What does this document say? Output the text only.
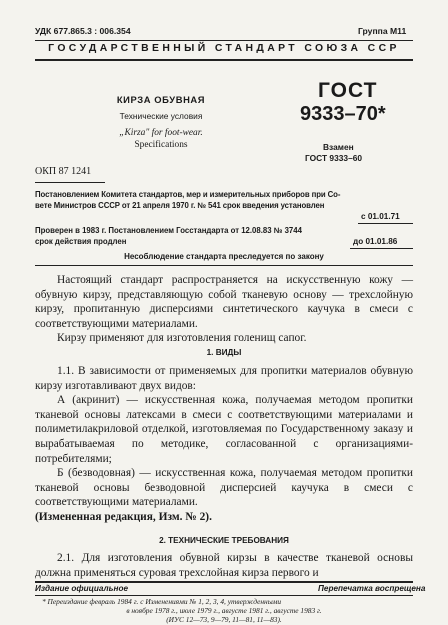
УДК 677.865.3 : 006.354	Группа М11
ГОСУДАРСТВЕННЫЙ СТАНДАРТ СОЮЗА ССР
КИРЗА ОБУВНАЯ
Технические условия
„Kirza" for foot-wear.
Specifications
ГОСТ
9333–70*
Взамен
ГОСТ 9333–60
ОКП 87 1241
Постановлением Комитета стандартов, мер и измерительных приборов при Со-
вете Министров СССР от 21 апреля 1970 г. № 541 срок введения установлен
с 01.01.71
Проверен в 1983 г. Постановлением Госстандарта от 12.08.83 № 3744
срок действия продлен	до 01.01.86
Несоблюдение стандарта преследуется по закону

Настоящий стандарт распространяется на искусственную кожу — обувную кирзу, представляющую собой тканевую основу — трехслойную кирзу, пропитанную дисперсиями синтетического каучука в смеси с соответствующими материалами.

Кирзу применяют для изготовления голенищ сапог.

1. ВИДЫ

1.1. В зависимости от применяемых для пропитки материалов обувную кирзу изготавливают двух видов:

А (акринит) — искусственная кожа, получаемая методом пропитки тканевой основы латексами в смеси с соответствующими материалами и полиметилакриловой отделкой, изготовляемая по Государственному заказу и вырабатываемая по методике, согласованной с организациями-потребителями;

Б (безводовная) — искусственная кожа, получаемая методом пропитки тканевой основы безводовной дисперсией каучука в смеси с соответствующими материалами.

(Измененная редакция, Изм. № 2).

2. ТЕХНИЧЕСКИЕ ТРЕБОВАНИЯ

2.1. Для изготовления обувной кирзы в качестве тканевой основы должна применяться суровая трехслойная кирза первого и

Издание официальное	Перепечатка воспрещена
* Переиздание февраль 1984 г. с Изменениями № 1, 2, 3, 4, утвержденными
в ноябре 1978 г., июле 1979 г., августе 1981 г., августе 1983 г.
(ИУС 12—73, 9—79, 11—81, 11—83).
